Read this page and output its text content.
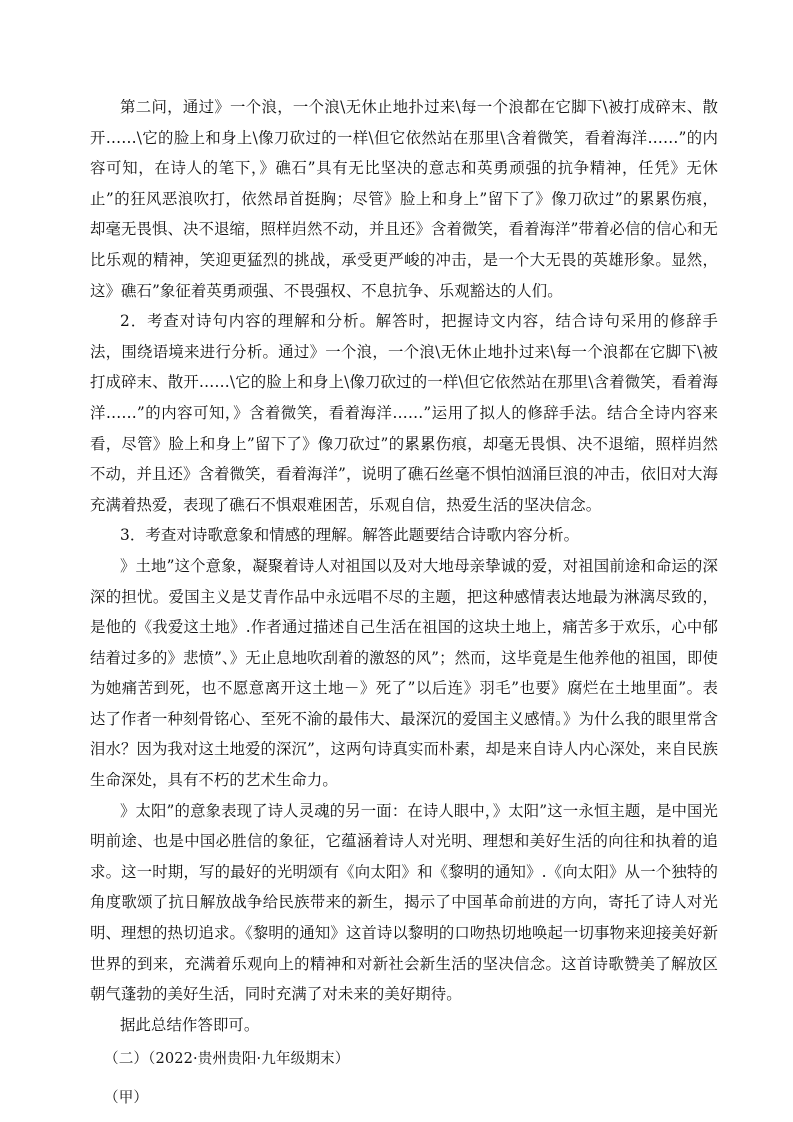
第二问，通过》一个浪，一个浪\无休止地扑过来\每一个浪都在它脚下\被打成碎末、散开……\它的脸上和身上\像刀砍过的一样\但它依然站在那里\含着微笑，看着海洋……”的内容可知，在诗人的笔下，》礁石”具有无比坚决的意志和英勇顽强的抗争精神，任凭》无休止”的狂风恶浪吹打，依然昂首挺胸；尽管》脸上和身上”留下了》像刀砍过”的累累伤痕，却毫无畏惧、决不退缩，照样岿然不动，并且还》含着微笑，看着海洋”带着必信的信心和无比乐观的精神，笑迎更猛烈的挑战，承受更严峻的冲击，是一个大无畏的英雄形象。显然，这》礁石”象征着英勇顽强、不畏强权、不息抗争、乐观豁达的人们。

2．考查对诗句内容的理解和分析。解答时，把握诗文内容，结合诗句采用的修辞手法，围绕语境来进行分析。通过》一个浪，一个浪\无休止地扑过来\每一个浪都在它脚下\被打成碎末、散开……\它的脸上和身上\像刀砍过的一样\但它依然站在那里\含着微笑，看着海洋……”的内容可知，》含着微笑，看着海洋……”运用了拟人的修辞手法。结合全诗内容来看，尽管》脸上和身上”留下了》像刀砍过”的累累伤痕，却毫无畏惧、决不退缩，照样岿然不动，并且还》含着微笑，看着海洋”，说明了礁石丝毫不惧怕汹涌巨浪的冲击，依旧对大海充满着热爱，表现了礁石不惧艰难困苦，乐观自信，热爱生活的坚决信念。

3．考查对诗歌意象和情感的理解。解答此题要结合诗歌内容分析。

》土地”这个意象，凝聚着诗人对祖国以及对大地母亲挚诚的爱，对祖国前途和命运的深深的担忧。爱国主义是艾青作品中永远唱不尽的主题，把这种感情表达地最为淋漓尽致的，是他的《我爱这土地》.作者通过描述自己生活在祖国的这块土地上，痛苦多于欢乐，心中郁结着过多的》悲愤”、》无止息地吹刮着的激怒的风”；然而，这毕竟是生他养他的祖国，即使为她痛苦到死，也不愿意离开这土地－》死了”以后连》羽毛”也要》腐烂在土地里面”。表达了作者一种刻骨铭心、至死不渝的最伟大、最深沉的爱国主义感情。》为什么我的眼里常含泪水？因为我对这土地爱的深沉”，这两句诗真实而朴素，却是来自诗人内心深处，来自民族生命深处，具有不朽的艺术生命力。

》太阳”的意象表现了诗人灵魂的另一面：在诗人眼中，》太阳”这一永恒主题，是中国光明前途、也是中国必胜信的象征，它蕴涵着诗人对光明、理想和美好生活的向往和执着的追求。这一时期，写的最好的光明颂有《向太阳》和《黎明的通知》.《向太阳》从一个独特的角度歌颂了抗日解放战争给民族带来的新生，揭示了中国革命前进的方向，寄托了诗人对光明、理想的热切追求。《黎明的通知》这首诗以黎明的口吻热切地唤起一切事物来迎接美好新世界的到来，充满着乐观向上的精神和对新社会新生活的坚决信念。这首诗歌赞美了解放区朝气蓬勃的美好生活，同时充满了对未来的美好期待。

据此总结作答即可。

（二）（2022·贵州贵阳·九年级期末）

（甲）
